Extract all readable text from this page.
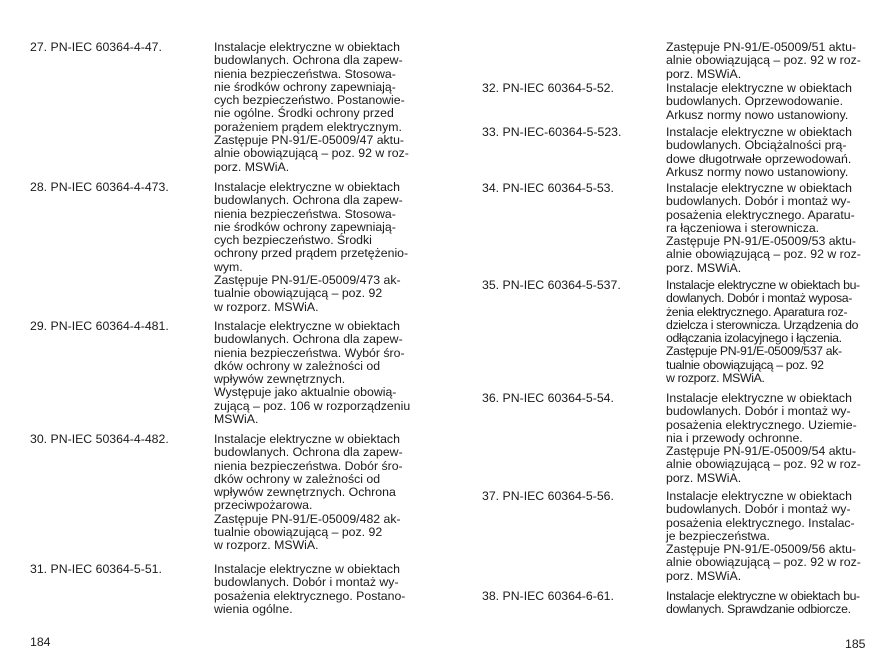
27. PN-IEC 60364-4-47.	Instalacje elektryczne w obiektach
budowlanych. Ochrona dla zapew-
nienia bezpieczeństwa. Stosowa-
nie środków ochrony zapewniają-
cych bezpieczeństwo. Postanowie-
nie ogólne. Środki ochrony przed
porażeniem prądem elektrycznym.
Zastępuje PN-91/E-05009/47 aktu-
alnie obowiązującą – poz. 92 w roz-
porz. MSWiA.
28. PN-IEC 60364-4-473.	Instalacje elektryczne w obiektach
budowlanych. Ochrona dla zapew-
nienia bezpieczeństwa. Stosowa-
nie środków ochrony zapewniają-
cych bezpieczeństwo. Środki
ochrony przed prądem przetężenio-
wym.
Zastępuje PN-91/E-05009/473 ak-
tualnie obowiązującą – poz. 92
w rozporz. MSWiA.
29. PN-IEC 60364-4-481.	Instalacje elektryczne w obiektach
budowlanych. Ochrona dla zapew-
nienia bezpieczeństwa. Wybór śro-
dków ochrony w zależności od
wpływów zewnętrznych.
Występuje jako aktualnie obowią-
zującą – poz. 106 w rozporządzeniu
MSWiA.
30. PN-IEC 50364-4-482.	Instalacje elektryczne w obiektach
budowlanych. Ochrona dla zapew-
nienia bezpieczeństwa. Dobór śro-
dków ochrony w zależności od
wpływów zewnętrznych. Ochrona
przeciwpożarowa.
Zastępuje PN-91/E-05009/482 ak-
tualnie obowiązującą – poz. 92
w rozporz. MSWiA.
31. PN-IEC 60364-5-51.	Instalacje elektryczne w obiektach
budowlanych. Dobór i montaż wy-
posażenia elektrycznego. Postano-
wienia ogólne.
184
Zastępuje PN-91/E-05009/51 aktu-
alnie obowiązującą – poz. 92 w roz-
porz. MSWiA.
32. PN-IEC 60364-5-52.	Instalacje elektryczne w obiektach
budowlanych. Oprzewodowanie.
Arkusz normy nowo ustanowiony.
33. PN-IEC-60364-5-523.	Instalacje elektryczne w obiektach
budowlanych. Obciążalności prą-
dowe długotrwałe oprzewodowań.
Arkusz normy nowo ustanowiony.
34. PN-IEC 60364-5-53.	Instalacje elektryczne w obiektach
budowlanych. Dobór i montaż wy-
posażenia elektrycznego. Aparatu-
ra łączeniowa i sterownicza.
Zastępuje PN-91/E-05009/53 aktu-
alnie obowiązującą – poz. 92 w roz-
porz. MSWiA.
35. PN-IEC 60364-5-537.	Instalacje elektryczne w obiektach bu-
dowlanych. Dobór i montaż wyposa-
żenia elektrycznego. Aparatura roz-
dzielcza i sterownicza. Urządzenia do
odłączania izolacyjnego i łączenia.
Zastępuje PN-91/E-05009/537 ak-
tualnie obowiązującą – poz. 92
w rozporz. MSWiA.
36. PN-IEC 60364-5-54.	Instalacje elektryczne w obiektach
budowlanych. Dobór i montaż wy-
posażenia elektrycznego. Uziemie-
nia i przewody ochronne.
Zastępuje PN-91/E-05009/54 aktu-
alnie obowiązującą – poz. 92 w roz-
porz. MSWiA.
37. PN-IEC 60364-5-56.	Instalacje elektryczne w obiektach
budowlanych. Dobór i montaż wy-
posażenia elektrycznego. Instalac-
je bezpieczeństwa.
Zastępuje PN-91/E-05009/56 aktu-
alnie obowiązującą – poz. 92 w roz-
porz. MSWiA.
38. PN-IEC 60364-6-61.	Instalacje elektryczne w obiektach bu-
dowlanych. Sprawdzanie odbiorcze.
185
